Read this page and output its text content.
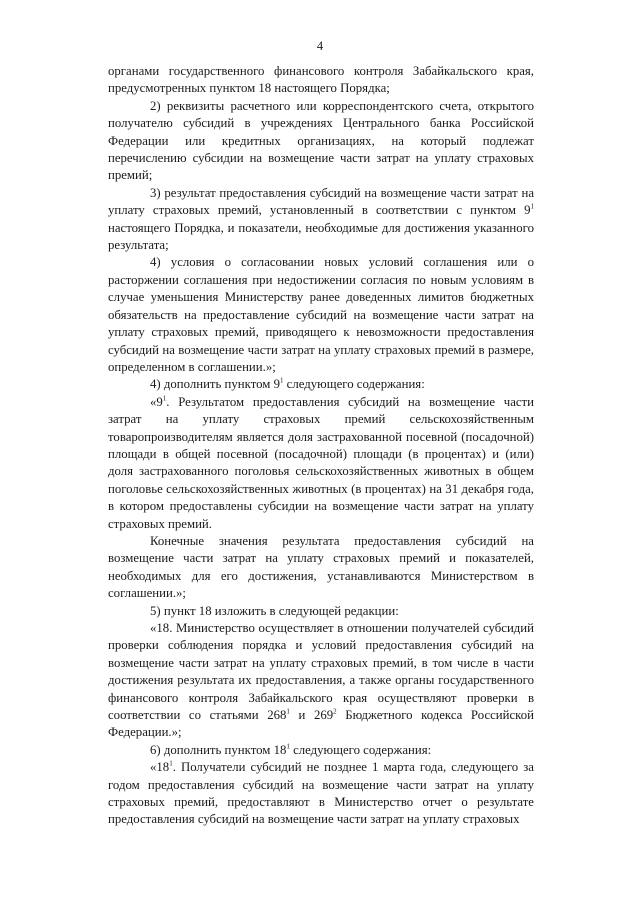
4

органами государственного финансового контроля Забайкальского края, предусмотренных пунктом 18 настоящего Порядка;

2) реквизиты расчетного или корреспондентского счета, открытого получателю субсидий в учреждениях Центрального банка Российской Федерации или кредитных организациях, на который подлежат перечислению субсидии на возмещение части затрат на уплату страховых премий;

3) результат предоставления субсидий на возмещение части затрат на уплату страховых премий, установленный в соответствии с пунктом $9^1$ настоящего Порядка, и показатели, необходимые для достижения указанного результата;

4) условия о согласовании новых условий соглашения или о расторжении соглашения при недостижении согласия по новым условиям в случае уменьшения Министерству ранее доведенных лимитов бюджетных обязательств на предоставление субсидий на возмещение части затрат на уплату страховых премий, приводящего к невозможности предоставления субсидий на возмещение части затрат на уплату страховых премий в размере, определенном в соглашении.»;

4) дополнить пунктом $9^1$ следующего содержания:

«$9^1$. Результатом предоставления субсидий на возмещение части затрат на уплату страховых премий сельскохозяйственным товаропроизводителям является доля застрахованной посевной (посадочной) площади в общей посевной (посадочной) площади (в процентах) и (или) доля застрахованного поголовья сельскохозяйственных животных в общем поголовье сельскохозяйственных животных (в процентах) на 31 декабря года, в котором предоставлены субсидии на возмещение части затрат на уплату страховых премий.

Конечные значения результата предоставления субсидий на возмещение части затрат на уплату страховых премий и показателей, необходимых для его достижения, устанавливаются Министерством в соглашении.»;

5) пункт 18 изложить в следующей редакции:

«18. Министерство осуществляет в отношении получателей субсидий проверки соблюдения порядка и условий предоставления субсидий на возмещение части затрат на уплату страховых премий, в том числе в части достижения результата их предоставления, а также органы государственного финансового контроля Забайкальского края осуществляют проверки в соответствии со статьями $268^1$ и $269^2$ Бюджетного кодекса Российской Федерации.»;

6) дополнить пунктом $18^1$ следующего содержания:

«$18^1$. Получатели субсидий не позднее 1 марта года, следующего за годом предоставления субсидий на возмещение части затрат на уплату страховых премий, предоставляют в Министерство отчет о результате предоставления субсидий на возмещение части затрат на уплату страховых
